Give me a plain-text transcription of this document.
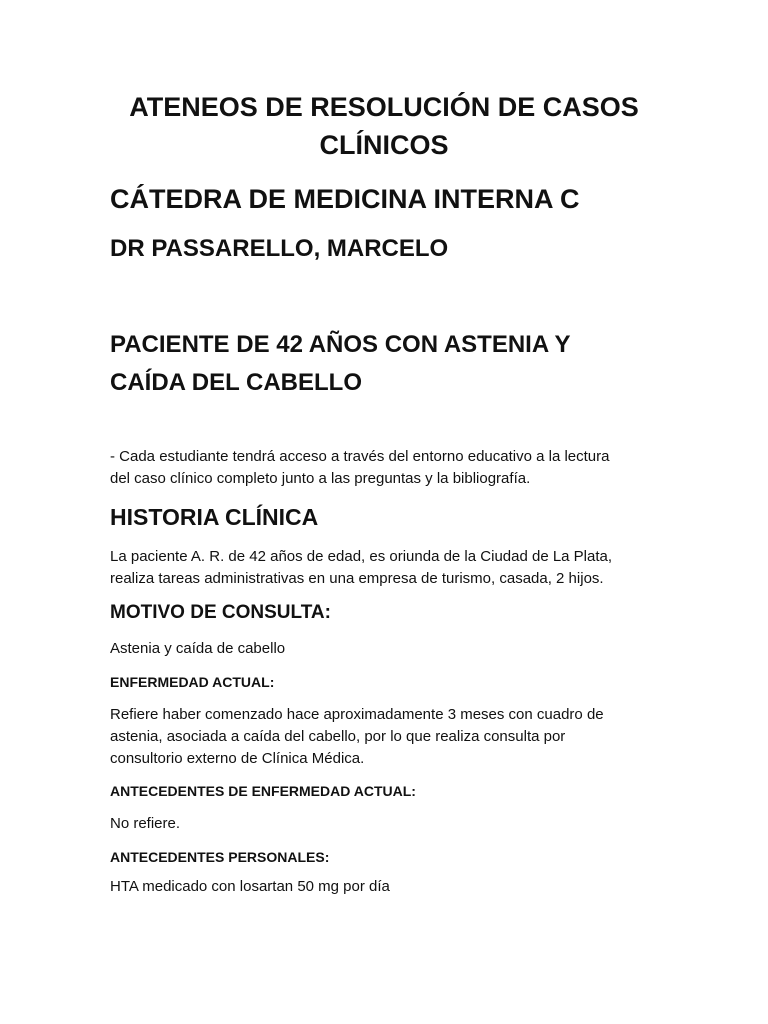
ATENEOS DE RESOLUCIÓN DE CASOS
CLÍNICOS
CÁTEDRA DE MEDICINA INTERNA C
DR PASSARELLO, MARCELO
PACIENTE DE 42 AÑOS CON ASTENIA Y
CAÍDA DEL CABELLO

- Cada estudiante tendrá acceso a través del entorno educativo a la lectura
del caso clínico completo junto a las preguntas y la bibliografía.

HISTORIA CLÍNICA

La paciente A. R. de 42 años de edad, es oriunda de la Ciudad de La Plata,
realiza tareas administrativas en una empresa de turismo, casada, 2 hijos.

MOTIVO DE CONSULTA:

Astenia y caída de cabello

ENFERMEDAD ACTUAL:

Refiere haber comenzado hace aproximadamente 3 meses con cuadro de
astenia, asociada a caída del cabello, por lo que realiza consulta por
consultorio externo de Clínica Médica.

ANTECEDENTES DE ENFERMEDAD ACTUAL:

No refiere.

ANTECEDENTES PERSONALES:

HTA medicado con losartan 50 mg por día
